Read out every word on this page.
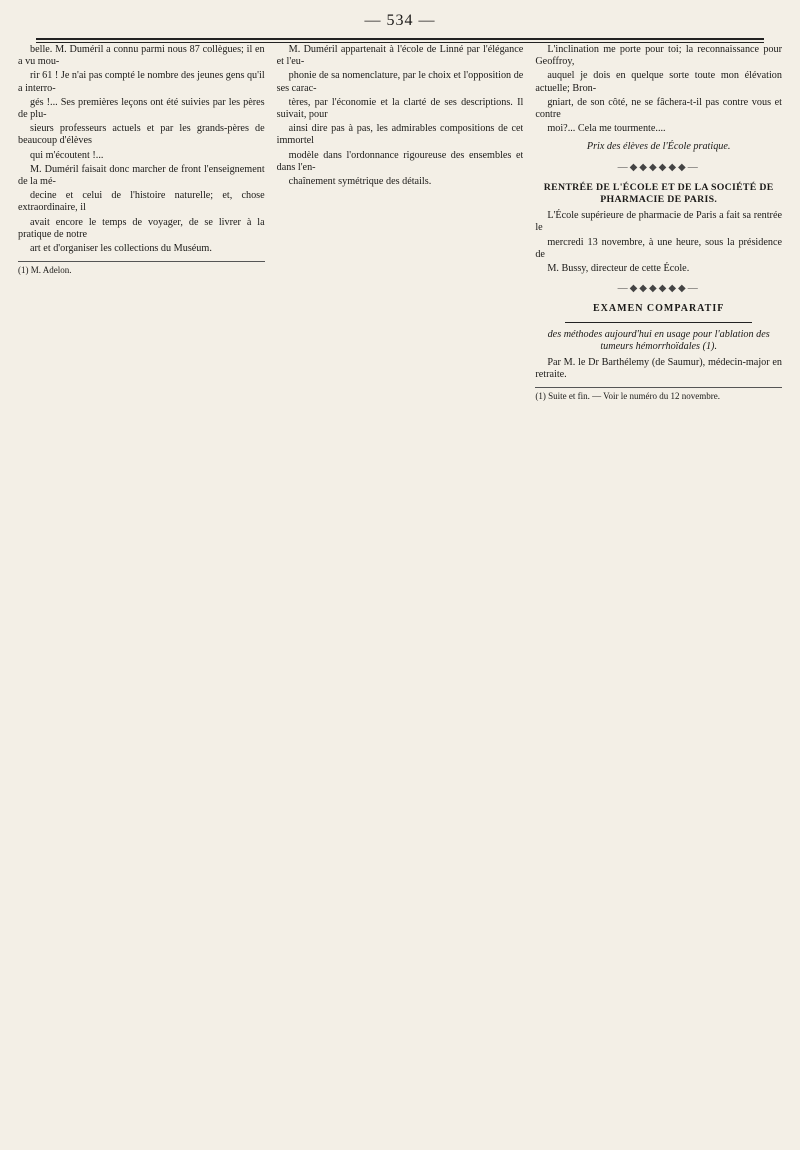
— 534 —

belle. M. Duméril a connu parmi nous 87 collègues; il en a vu mou-

rir 61 ! Je n'ai pas compté le nombre des jeunes gens qu'il a interro-

gés !... Ses premières leçons ont été suivies par les pères de plu-

sieurs professeurs actuels et par les grands-pères de beaucoup d'élèves

qui m'écoutent !...

M. Duméril faisait donc marcher de front l'enseignement de la mé-

decine et celui de l'histoire naturelle; et, chose extraordinaire, il

avait encore le temps de voyager, de se livrer à la pratique de notre

art et d'organiser les collections du Muséum.

(1) M. Adelon.

M. Duméril appartenait à l'école de Linné par l'élégance et l'eu-

phonie de sa nomenclature, par le choix et l'opposition de ses carac-

tères, par l'économie et la clarté de ses descriptions. Il suivait, pour

ainsi dire pas à pas, les admirables compositions de cet immortel

modèle dans l'ordonnance rigoureuse des ensembles et dans l'en-

chaînement symétrique des détails.

L'inclination me porte pour toi; la reconnaissance pour Geoffroy,

auquel je dois en quelque sorte toute mon élévation actuelle; Bron-

gniart, de son côté, ne se fâchera-t-il pas contre vous et contre

moi?... Cela me tourmente....

Prix des élèves de l'École pratique.
—◆◆◆◆◆◆—
RENTRÉE DE L'ÉCOLE ET DE LA SOCIÉTÉ DE PHARMACIE DE PARIS.

L'École supérieure de pharmacie de Paris a fait sa rentrée le

mercredi 13 novembre, à une heure, sous la présidence de

M. Bussy, directeur de cette École.

—◆◆◆◆◆◆—
EXAMEN COMPARATIF
des méthodes aujourd'hui en usage pour l'ablation des tumeurs hémorrhoïdales (1).

Par M. le Dr Barthélemy (de Saumur), médecin-major en retraite.

(1) Suite et fin. — Voir le numéro du 12 novembre.
